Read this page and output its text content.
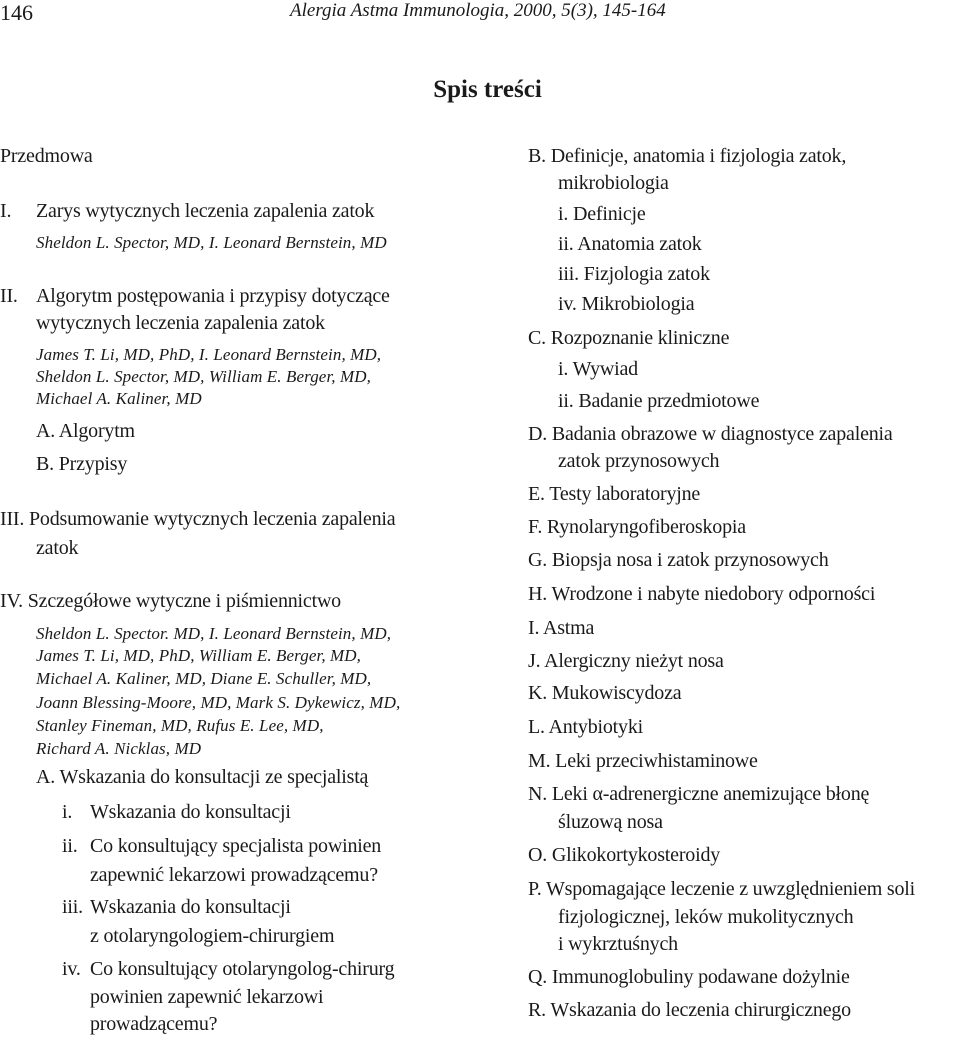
146	Alergia Astma Immunologia, 2000, 5(3), 145-164
Spis treści
Przedmowa
I. Zarys wytycznych leczenia zapalenia zatok
Sheldon L. Spector, MD, I. Leonard Bernstein, MD
II. Algorytm postępowania i przypisy dotyczące
wytycznych leczenia zapalenia zatok
James T. Li, MD, PhD, I. Leonard Bernstein, MD,
Sheldon L. Spector, MD, William E. Berger, MD,
Michael A. Kaliner, MD
A. Algorytm
B. Przypisy
III. Podsumowanie wytycznych leczenia zapalenia
zatok
IV. Szczegółowe wytyczne i piśmiennictwo
Sheldon L. Spector. MD, I. Leonard Bernstein, MD,
James T. Li, MD, PhD, William E. Berger, MD,
Michael A. Kaliner, MD, Diane E. Schuller, MD,
Joann Blessing-Moore, MD, Mark S. Dykewicz, MD,
Stanley Fineman, MD, Rufus E. Lee, MD,
Richard A. Nicklas, MD
A. Wskazania do konsultacji ze specjalistą
i. Wskazania do konsultacji
ii. Co konsultujący specjalista powinien
zapewnić lekarzowi prowadzącemu?
iii. Wskazania do konsultacji
z otolaryngologiem-chirurgiem
iv. Co konsultujący otolaryngolog-chirurg
powinien zapewnić lekarzowi
prowadzącemu?
B. Definicje, anatomia i fizjologia zatok,
mikrobiologia
i. Definicje
ii. Anatomia zatok
iii. Fizjologia zatok
iv. Mikrobiologia
C. Rozpoznanie kliniczne
i. Wywiad
ii. Badanie przedmiotowe
D. Badania obrazowe w diagnostyce zapalenia
zatok przynosowych
E. Testy laboratoryjne
F. Rynolaryngofiberoskopia
G. Biopsja nosa i zatok przynosowych
H. Wrodzone i nabyte niedobory odporności
I. Astma
J. Alergiczny nieżyt nosa
K. Mukowiscydoza
L. Antybiotyki
M. Leki przeciwhistaminowe
N. Leki α-adrenergiczne anemizujące błonę
śluzową nosa
O. Glikokortykosteroidy
P. Wspomagające leczenie z uwzględnieniem soli
fizjologicznej, leków mukolitycznych
i wykrztuśnych
Q. Immunoglobuliny podawane dożylnie
R. Wskazania do leczenia chirurgicznego
